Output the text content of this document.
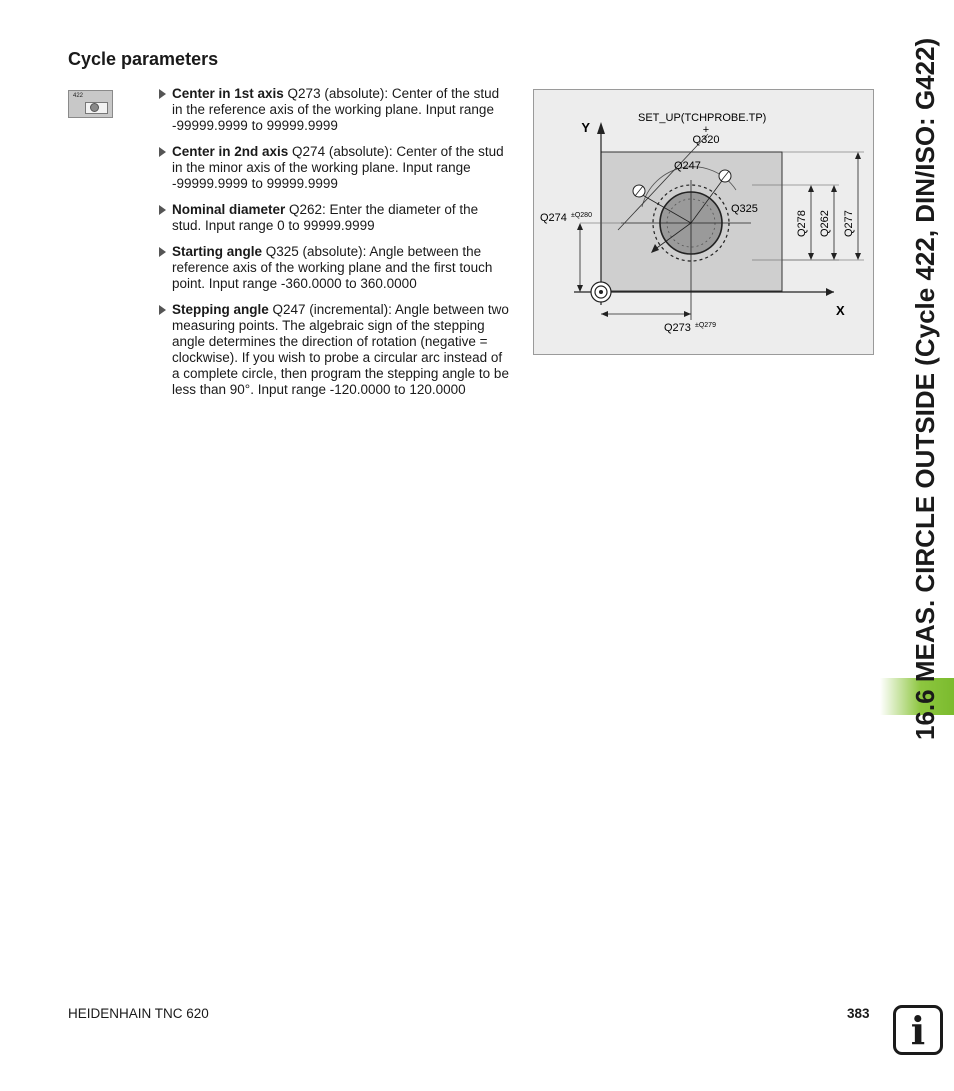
Cycle parameters
422	Center in 1st axis Q273 (absolute): Center of the stud in the reference axis of the working plane. Input range -99999.9999 to 99999.9999
Center in 2nd axis Q274 (absolute): Center of the stud in the minor axis of the working plane. Input range -99999.9999 to 99999.9999
Nominal diameter Q262: Enter the diameter of the stud. Input range 0 to 99999.9999
Starting angle Q325 (absolute): Angle between the reference axis of the working plane and the first touch point. Input range -360.0000 to 360.0000
Stepping angle Q247 (incremental): Angle between two measuring points. The algebraic sign of the stepping angle determines the direction of rotation (negative = clockwise). If you wish to probe a circular arc instead of a complete circle, then program the stepping angle to be less than 90°. Input range -120.0000 to 120.0000
Y
X
Q278 Q262 Q277
SET_UP(TCHPROBE.TP)
+
Q320
Q247
Q325
Q274 ±Q280
Q273 ±Q279	16.6 MEAS. CIRCLE OUTSIDE (Cycle 422, DIN/ISO: G422)
HEIDENHAIN TNC 620	383	i
